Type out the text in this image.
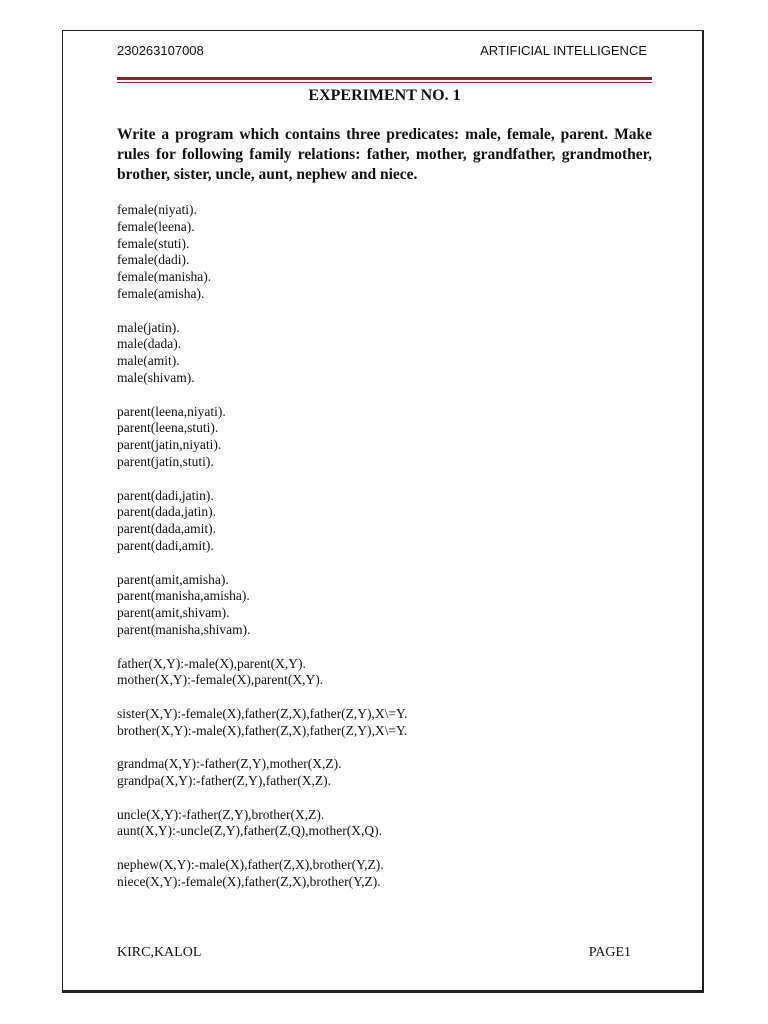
230263107008	ARTIFICIAL INTELLIGENCE
EXPERIMENT NO. 1
Write a program which contains three predicates: male, female, parent. Make rules for following family relations: father, mother, grandfather, grandmother, brother, sister, uncle, aunt, nephew and niece.
female(niyati).
female(leena).
female(stuti).
female(dadi).
female(manisha).
female(amisha).
male(jatin).
male(dada).
male(amit).
male(shivam).
parent(leena,niyati).
parent(leena,stuti).
parent(jatin,niyati).
parent(jatin,stuti).
parent(dadi,jatin).
parent(dada,jatin).
parent(dada,amit).
parent(dadi,amit).
parent(amit,amisha).
parent(manisha,amisha).
parent(amit,shivam).
parent(manisha,shivam).
father(X,Y):-male(X),parent(X,Y).
mother(X,Y):-female(X),parent(X,Y).
sister(X,Y):-female(X),father(Z,X),father(Z,Y),X\=Y.
brother(X,Y):-male(X),father(Z,X),father(Z,Y),X\=Y.
grandma(X,Y):-father(Z,Y),mother(X,Z).
grandpa(X,Y):-father(Z,Y),father(X,Z).
uncle(X,Y):-father(Z,Y),brother(X,Z).
aunt(X,Y):-uncle(Z,Y),father(Z,Q),mother(X,Q).
nephew(X,Y):-male(X),father(Z,X),brother(Y,Z).
niece(X,Y):-female(X),father(Z,X),brother(Y,Z).
KIRC,KALOL	PAGE1
